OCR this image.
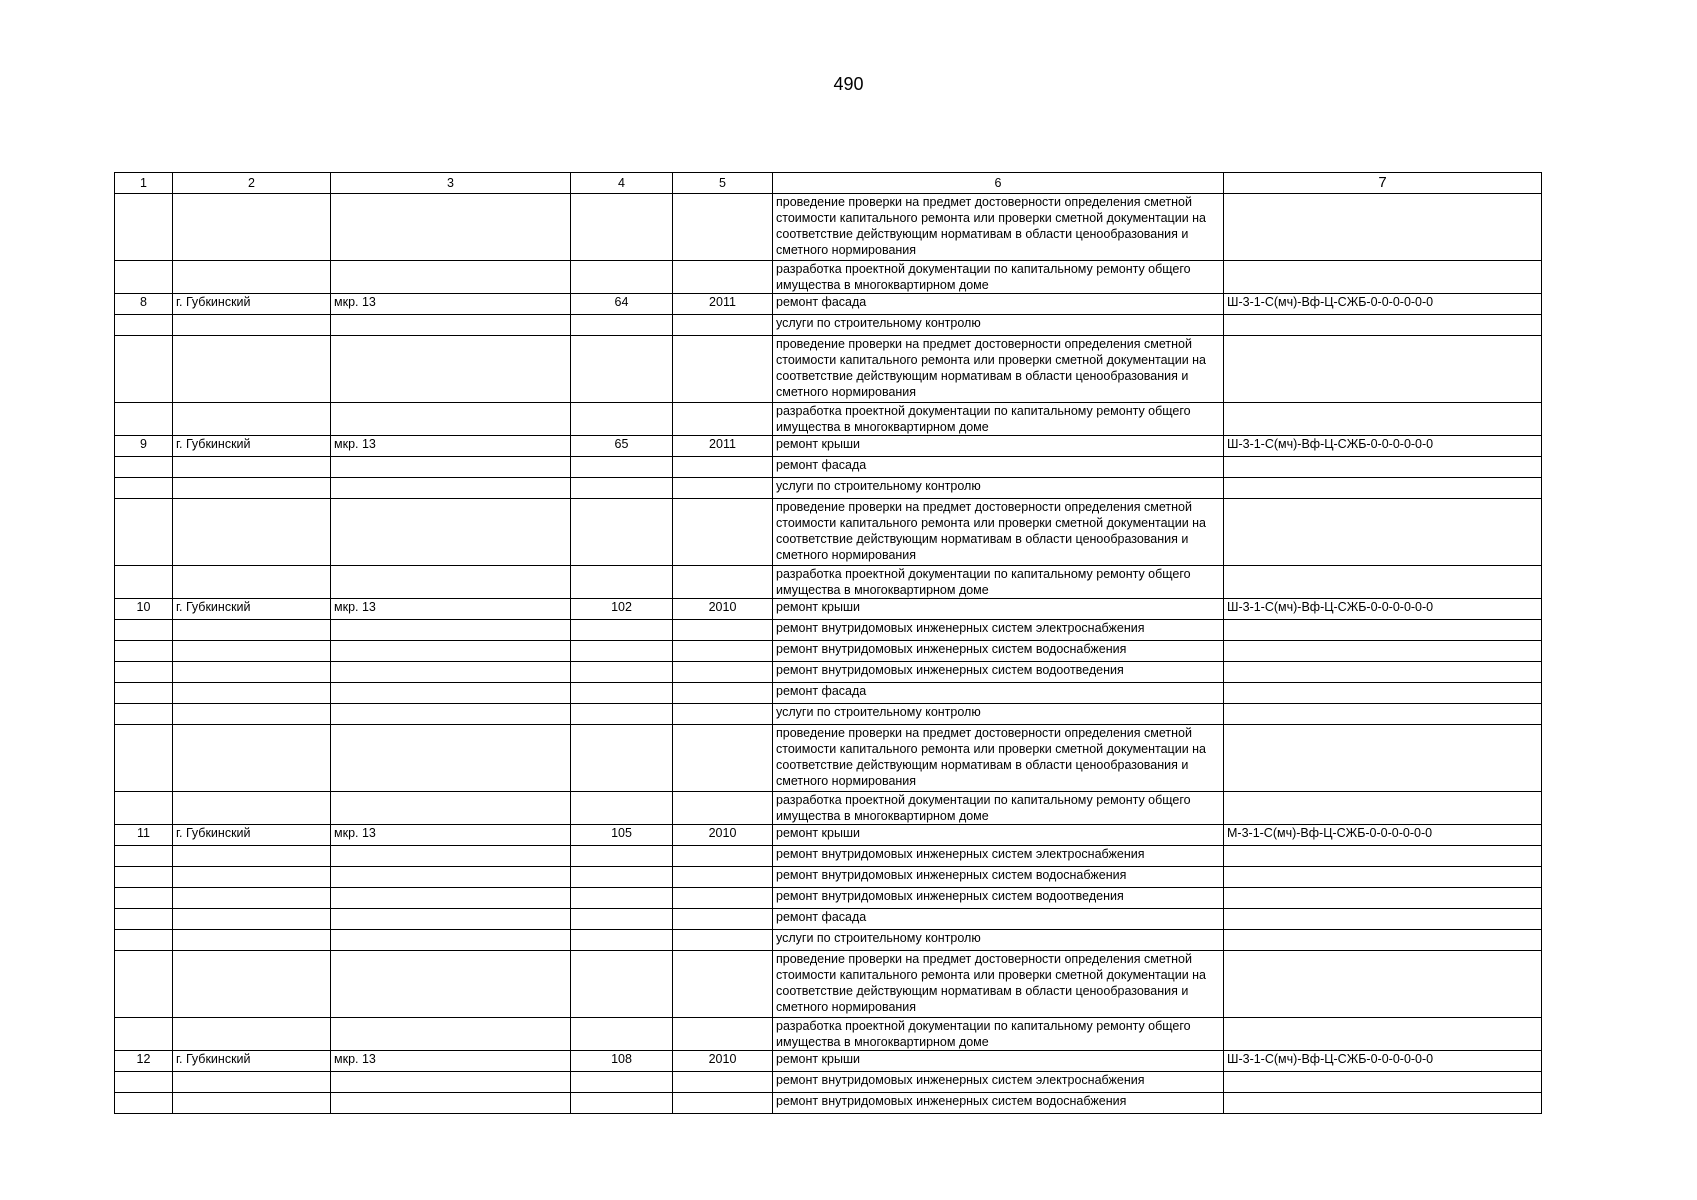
490
1	2	3	4	5	6	7
					проведение проверки на предмет достоверности определения сметной стоимости капитального ремонта или проверки сметной документации на соответствие действующим нормативам в области ценообразования и сметного нормирования	
					разработка проектной документации по капитальному ремонту общего имущества в многоквартирном доме	
8	г. Губкинский	мкр. 13	64	2011	ремонт фасада	Ш-3-1-С(мч)-Вф-Ц-СЖБ-0-0-0-0-0-0
					услуги по строительному контролю	
					проведение проверки на предмет достоверности определения сметной стоимости капитального ремонта или проверки сметной документации на соответствие действующим нормативам в области ценообразования и сметного нормирования	
					разработка проектной документации по капитальному ремонту общего имущества в многоквартирном доме	
9	г. Губкинский	мкр. 13	65	2011	ремонт крыши	Ш-3-1-С(мч)-Вф-Ц-СЖБ-0-0-0-0-0-0
					ремонт фасада	
					услуги по строительному контролю	
					проведение проверки на предмет достоверности определения сметной стоимости капитального ремонта или проверки сметной документации на соответствие действующим нормативам в области ценообразования и сметного нормирования	
					разработка проектной документации по капитальному ремонту общего имущества в многоквартирном доме	
10	г. Губкинский	мкр. 13	102	2010	ремонт крыши	Ш-3-1-С(мч)-Вф-Ц-СЖБ-0-0-0-0-0-0
					ремонт внутридомовых инженерных систем электроснабжения	
					ремонт внутридомовых инженерных систем водоснабжения	
					ремонт внутридомовых инженерных систем водоотведения	
					ремонт фасада	
					услуги по строительному контролю	
					проведение проверки на предмет достоверности определения сметной стоимости капитального ремонта или проверки сметной документации на соответствие действующим нормативам в области ценообразования и сметного нормирования	
					разработка проектной документации по капитальному ремонту общего имущества в многоквартирном доме	
11	г. Губкинский	мкр. 13	105	2010	ремонт крыши	М-3-1-С(мч)-Вф-Ц-СЖБ-0-0-0-0-0-0
					ремонт внутридомовых инженерных систем электроснабжения	
					ремонт внутридомовых инженерных систем водоснабжения	
					ремонт внутридомовых инженерных систем водоотведения	
					ремонт фасада	
					услуги по строительному контролю	
					проведение проверки на предмет достоверности определения сметной стоимости капитального ремонта или проверки сметной документации на соответствие действующим нормативам в области ценообразования и сметного нормирования	
					разработка проектной документации по капитальному ремонту общего имущества в многоквартирном доме	
12	г. Губкинский	мкр. 13	108	2010	ремонт крыши	Ш-3-1-С(мч)-Вф-Ц-СЖБ-0-0-0-0-0-0
					ремонт внутридомовых инженерных систем электроснабжения	
					ремонт внутридомовых инженерных систем водоснабжения	
